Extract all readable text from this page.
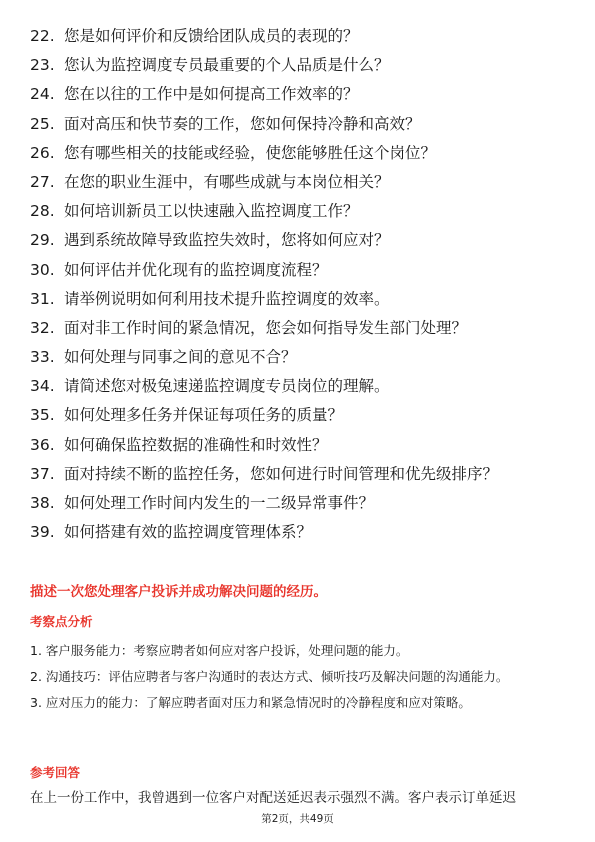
22. 您是如何评价和反馈给团队成员的表现的？
23. 您认为监控调度专员最重要的个人品质是什么？
24. 您在以往的工作中是如何提高工作效率的？
25. 面对高压和快节奏的工作，您如何保持冷静和高效？
26. 您有哪些相关的技能或经验，使您能够胜任这个岗位？
27. 在您的职业生涯中，有哪些成就与本岗位相关？
28. 如何培训新员工以快速融入监控调度工作？
29. 遇到系统故障导致监控失效时，您将如何应对？
30. 如何评估并优化现有的监控调度流程？
31. 请举例说明如何利用技术提升监控调度的效率。
32. 面对非工作时间的紧急情况，您会如何指导发生部门处理？
33. 如何处理与同事之间的意见不合？
34. 请简述您对极兔速递监控调度专员岗位的理解。
35. 如何处理多任务并保证每项任务的质量？
36. 如何确保监控数据的准确性和时效性？
37. 面对持续不断的监控任务，您如何进行时间管理和优先级排序？
38. 如何处理工作时间内发生的一二级异常事件？
39. 如何搭建有效的监控调度管理体系？
描述一次您处理客户投诉并成功解决问题的经历。
考察点分析

1. 客户服务能力：考察应聘者如何应对客户投诉，处理问题的能力。

2. 沟通技巧：评估应聘者与客户沟通时的表达方式、倾听技巧及解决问题的沟通能力。

3. 应对压力的能力：了解应聘者面对压力和紧急情况时的冷静程度和应对策略。

参考回答
在上一份工作中，我曾遇到一位客户对配送延迟表示强烈不满。客户表示订单延迟
第2页，共49页
